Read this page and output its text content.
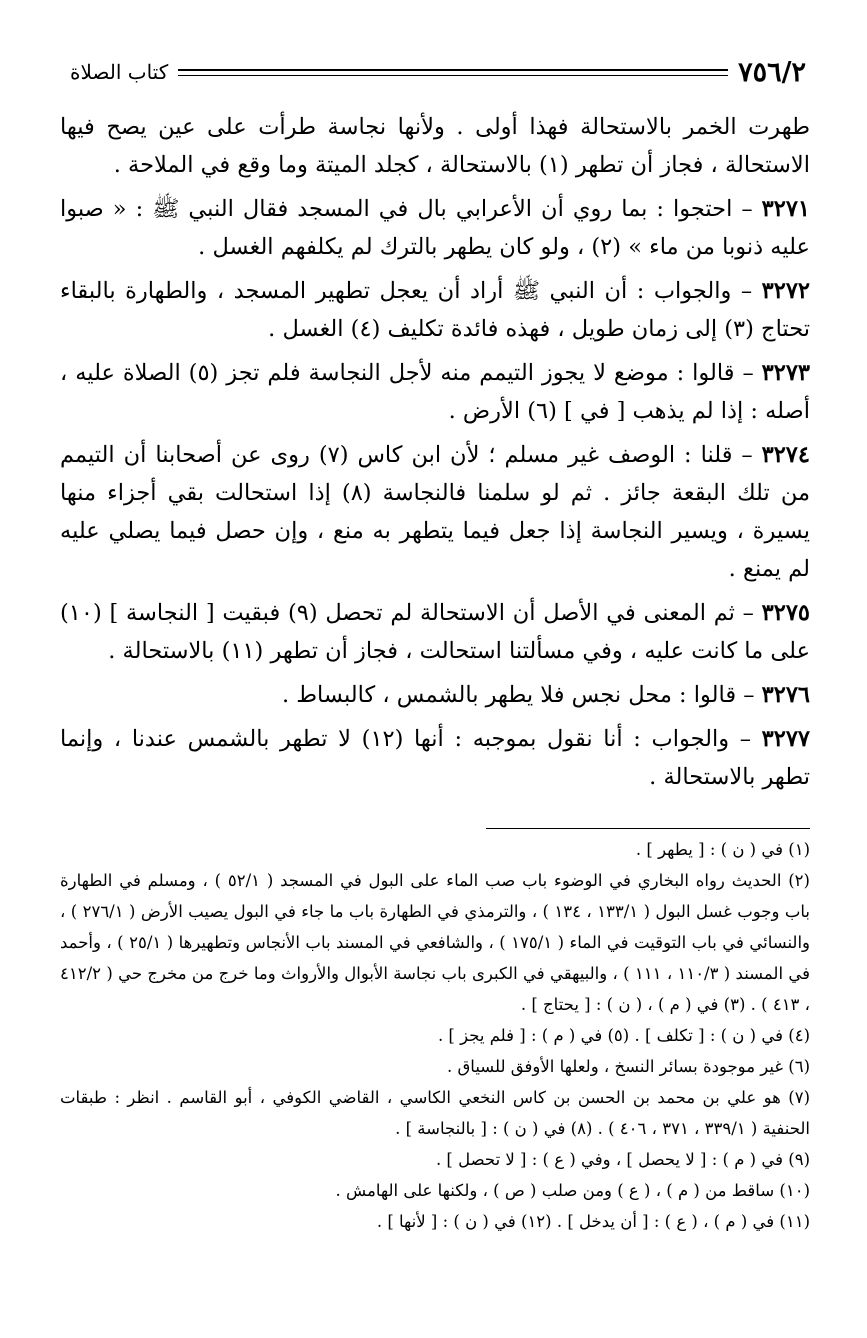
٧٥٦/٢
كتاب الصلاة

طهرت الخمر بالاستحالة فهذا أولى . ولأنها نجاسة طرأت على عين يصح فيها الاستحالة ، فجاز أن تطهر (١) بالاستحالة ، كجلد الميتة وما وقع في الملاحة .

٣٢٧١ – احتجوا : بما روي أن الأعرابي بال في المسجد فقال النبي ﷺ : « صبوا عليه ذنوبا من ماء » (٢) ، ولو كان يطهر بالترك لم يكلفهم الغسل .

٣٢٧٢ – والجواب : أن النبي ﷺ أراد أن يعجل تطهير المسجد ، والطهارة بالبقاء تحتاج (٣) إلى زمان طويل ، فهذه فائدة تكليف (٤) الغسل .

٣٢٧٣ – قالوا : موضع لا يجوز التيمم منه لأجل النجاسة فلم تجز (٥) الصلاة عليه ، أصله : إذا لم يذهب [ في ] (٦) الأرض .

٣٢٧٤ – قلنا : الوصف غير مسلم ؛ لأن ابن كاس (٧) روى عن أصحابنا أن التيمم من تلك البقعة جائز . ثم لو سلمنا فالنجاسة (٨) إذا استحالت بقي أجزاء منها يسيرة ، ويسير النجاسة إذا جعل فيما يتطهر به منع ، وإن حصل فيما يصلي عليه لم يمنع .

٣٢٧٥ – ثم المعنى في الأصل أن الاستحالة لم تحصل (٩) فبقيت [ النجاسة ] (١٠) على ما كانت عليه ، وفي مسألتنا استحالت ، فجاز أن تطهر (١١) بالاستحالة .

٣٢٧٦ – قالوا : محل نجس فلا يطهر بالشمس ، كالبساط .

٣٢٧٧ – والجواب : أنا نقول بموجبه : أنها (١٢) لا تطهر بالشمس عندنا ، وإنما تطهر بالاستحالة .

(١) في ( ن ) : [ يطهر ] .

(٢) الحديث رواه البخاري في الوضوء باب صب الماء على البول في المسجد ( ٥٢/١ ) ، ومسلم في الطهارة باب وجوب غسل البول ( ١٣٣/١ ، ١٣٤ ) ، والترمذي في الطهارة باب ما جاء في البول يصيب الأرض ( ٢٧٦/١ ) ، والنسائي في باب التوقيت في الماء ( ١٧٥/١ ) ، والشافعي في المسند باب الأنجاس وتطهيرها ( ٢٥/١ ) ، وأحمد في المسند ( ١١٠/٣ ، ١١١ ) ، والبيهقي في الكبرى باب نجاسة الأبوال والأرواث وما خرج من مخرج حي ( ٤١٢/٢ ، ٤١٣ ) . (٣) في ( م ) ، ( ن ) : [ يحتاج ] .

(٤) في ( ن ) : [ تكلف ] . (٥) في ( م ) : [ فلم يجز ] .

(٦) غير موجودة بسائر النسخ ، ولعلها الأوفق للسياق .

(٧) هو علي بن محمد بن الحسن بن كاس النخعي الكاسي ، القاضي الكوفي ، أبو القاسم . انظر : طبقات الحنفية ( ٣٣٩/١ ، ٣٧١ ، ٤٠٦ ) . (٨) في ( ن ) : [ بالنجاسة ] .

(٩) في ( م ) : [ لا يحصل ] ، وفي ( ع ) : [ لا تحصل ] .

(١٠) ساقط من ( م ) ، ( ع ) ومن صلب ( ص ) ، ولكنها على الهامش .

(١١) في ( م ) ، ( ع ) : [ أن يدخل ] . (١٢) في ( ن ) : [ لأنها ] .
